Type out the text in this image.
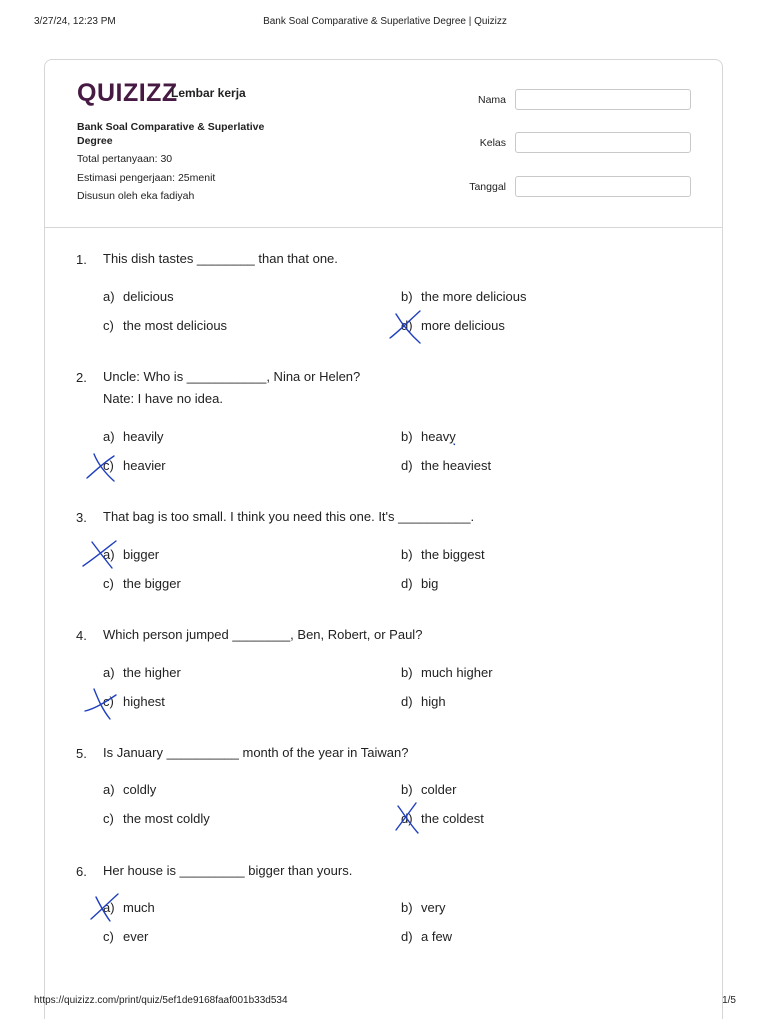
3/27/24, 12:23 PM	Bank Soal Comparative & Superlative Degree | Quizizz
QUIZIZZ
Lembar kerja
Bank Soal Comparative & Superlative Degree
Total pertanyaan: 30
Estimasi pengerjaan: 25menit
Disusun oleh eka fadiyah
Nama
Kelas
Tanggal
1. This dish tastes ________ than that one.
a) delicious	b) the more delicious
c) the most delicious	d) more delicious
2. Uncle: Who is ___________, Nina or Helen?
Nate: I have no idea.
a) heavily	b) heavy
c) heavier	d) the heaviest
3. That bag is too small. I think you need this one. It's __________.
a) bigger	b) the biggest
c) the bigger	d) big
4. Which person jumped ________, Ben, Robert, or Paul?
a) the higher	b) much higher
c) highest	d) high
5. Is January __________ month of the year in Taiwan?
a) coldly	b) colder
c) the most coldly	d) the coldest
6. Her house is _________ bigger than yours.
a) much	b) very
c) ever	d) a few
https://quizizz.com/print/quiz/5ef1de9168faaf001b33d534	1/5
